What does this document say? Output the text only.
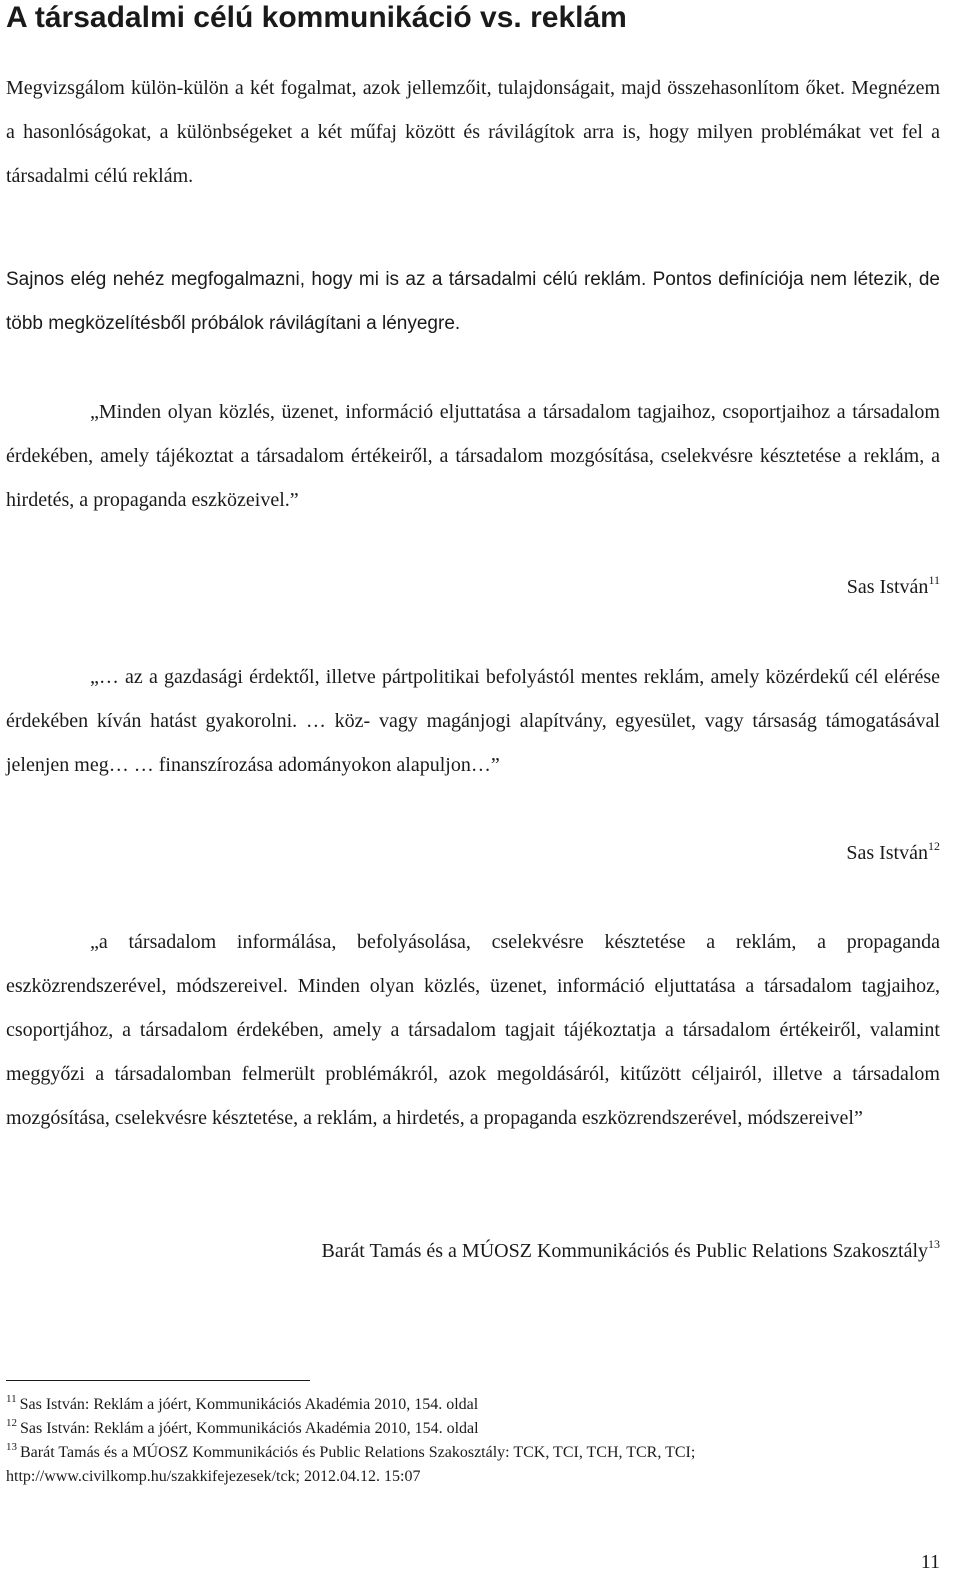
A társadalmi célú kommunikáció vs. reklám

Megvizsgálom külön-külön a két fogalmat, azok jellemzőit, tulajdonságait, majd összehasonlítom őket. Megnézem a hasonlóságokat, a különbségeket a két műfaj között és rávilágítok arra is, hogy milyen problémákat vet fel a társadalmi célú reklám.

Sajnos elég nehéz megfogalmazni, hogy mi is az a társadalmi célú reklám. Pontos definíciója nem létezik, de több megközelítésből próbálok rávilágítani a lényegre.

„Minden olyan közlés, üzenet, információ eljuttatása a társadalom tagjaihoz, csoportjaihoz a társadalom érdekében, amely tájékoztat a társadalom értékeiről, a társadalom mozgósítása, cselekvésre késztetése a reklám, a hirdetés, a propaganda eszközeivel.”

Sas István$^{11}$

„… az a gazdasági érdektől, illetve pártpolitikai befolyástól mentes reklám, amely közérdekű cél elérése érdekében kíván hatást gyakorolni. … köz- vagy magánjogi alapítvány, egyesület, vagy társaság támogatásával jelenjen meg… … finanszírozása adományokon alapuljon…”

Sas István$^{12}$

„a társadalom informálása, befolyásolása, cselekvésre késztetése a reklám, a propaganda eszközrendszerével, módszereivel. Minden olyan közlés, üzenet, információ eljuttatása a társadalom tagjaihoz, csoportjához, a társadalom érdekében, amely a társadalom tagjait tájékoztatja a társadalom értékeiről, valamint meggyőzi a társadalomban felmerült problémákról, azok megoldásáról, kitűzött céljairól, illetve a társadalom mozgósítása, cselekvésre késztetése, a reklám, a hirdetés, a propaganda eszközrendszerével, módszereivel”

Barát Tamás és a MÚOSZ Kommunikációs és Public Relations Szakosztály$^{13}$

$^{11}$ Sas István: Reklám a jóért, Kommunikációs Akadémia 2010, 154. oldal

$^{12}$ Sas István: Reklám a jóért, Kommunikációs Akadémia 2010, 154. oldal

$^{13}$ Barát Tamás és a MÚOSZ Kommunikációs és Public Relations Szakosztály: TCK, TCI, TCH, TCR, TCI;

http://www.civilkomp.hu/szakkifejezesek/tck; 2012.04.12. 15:07

11
